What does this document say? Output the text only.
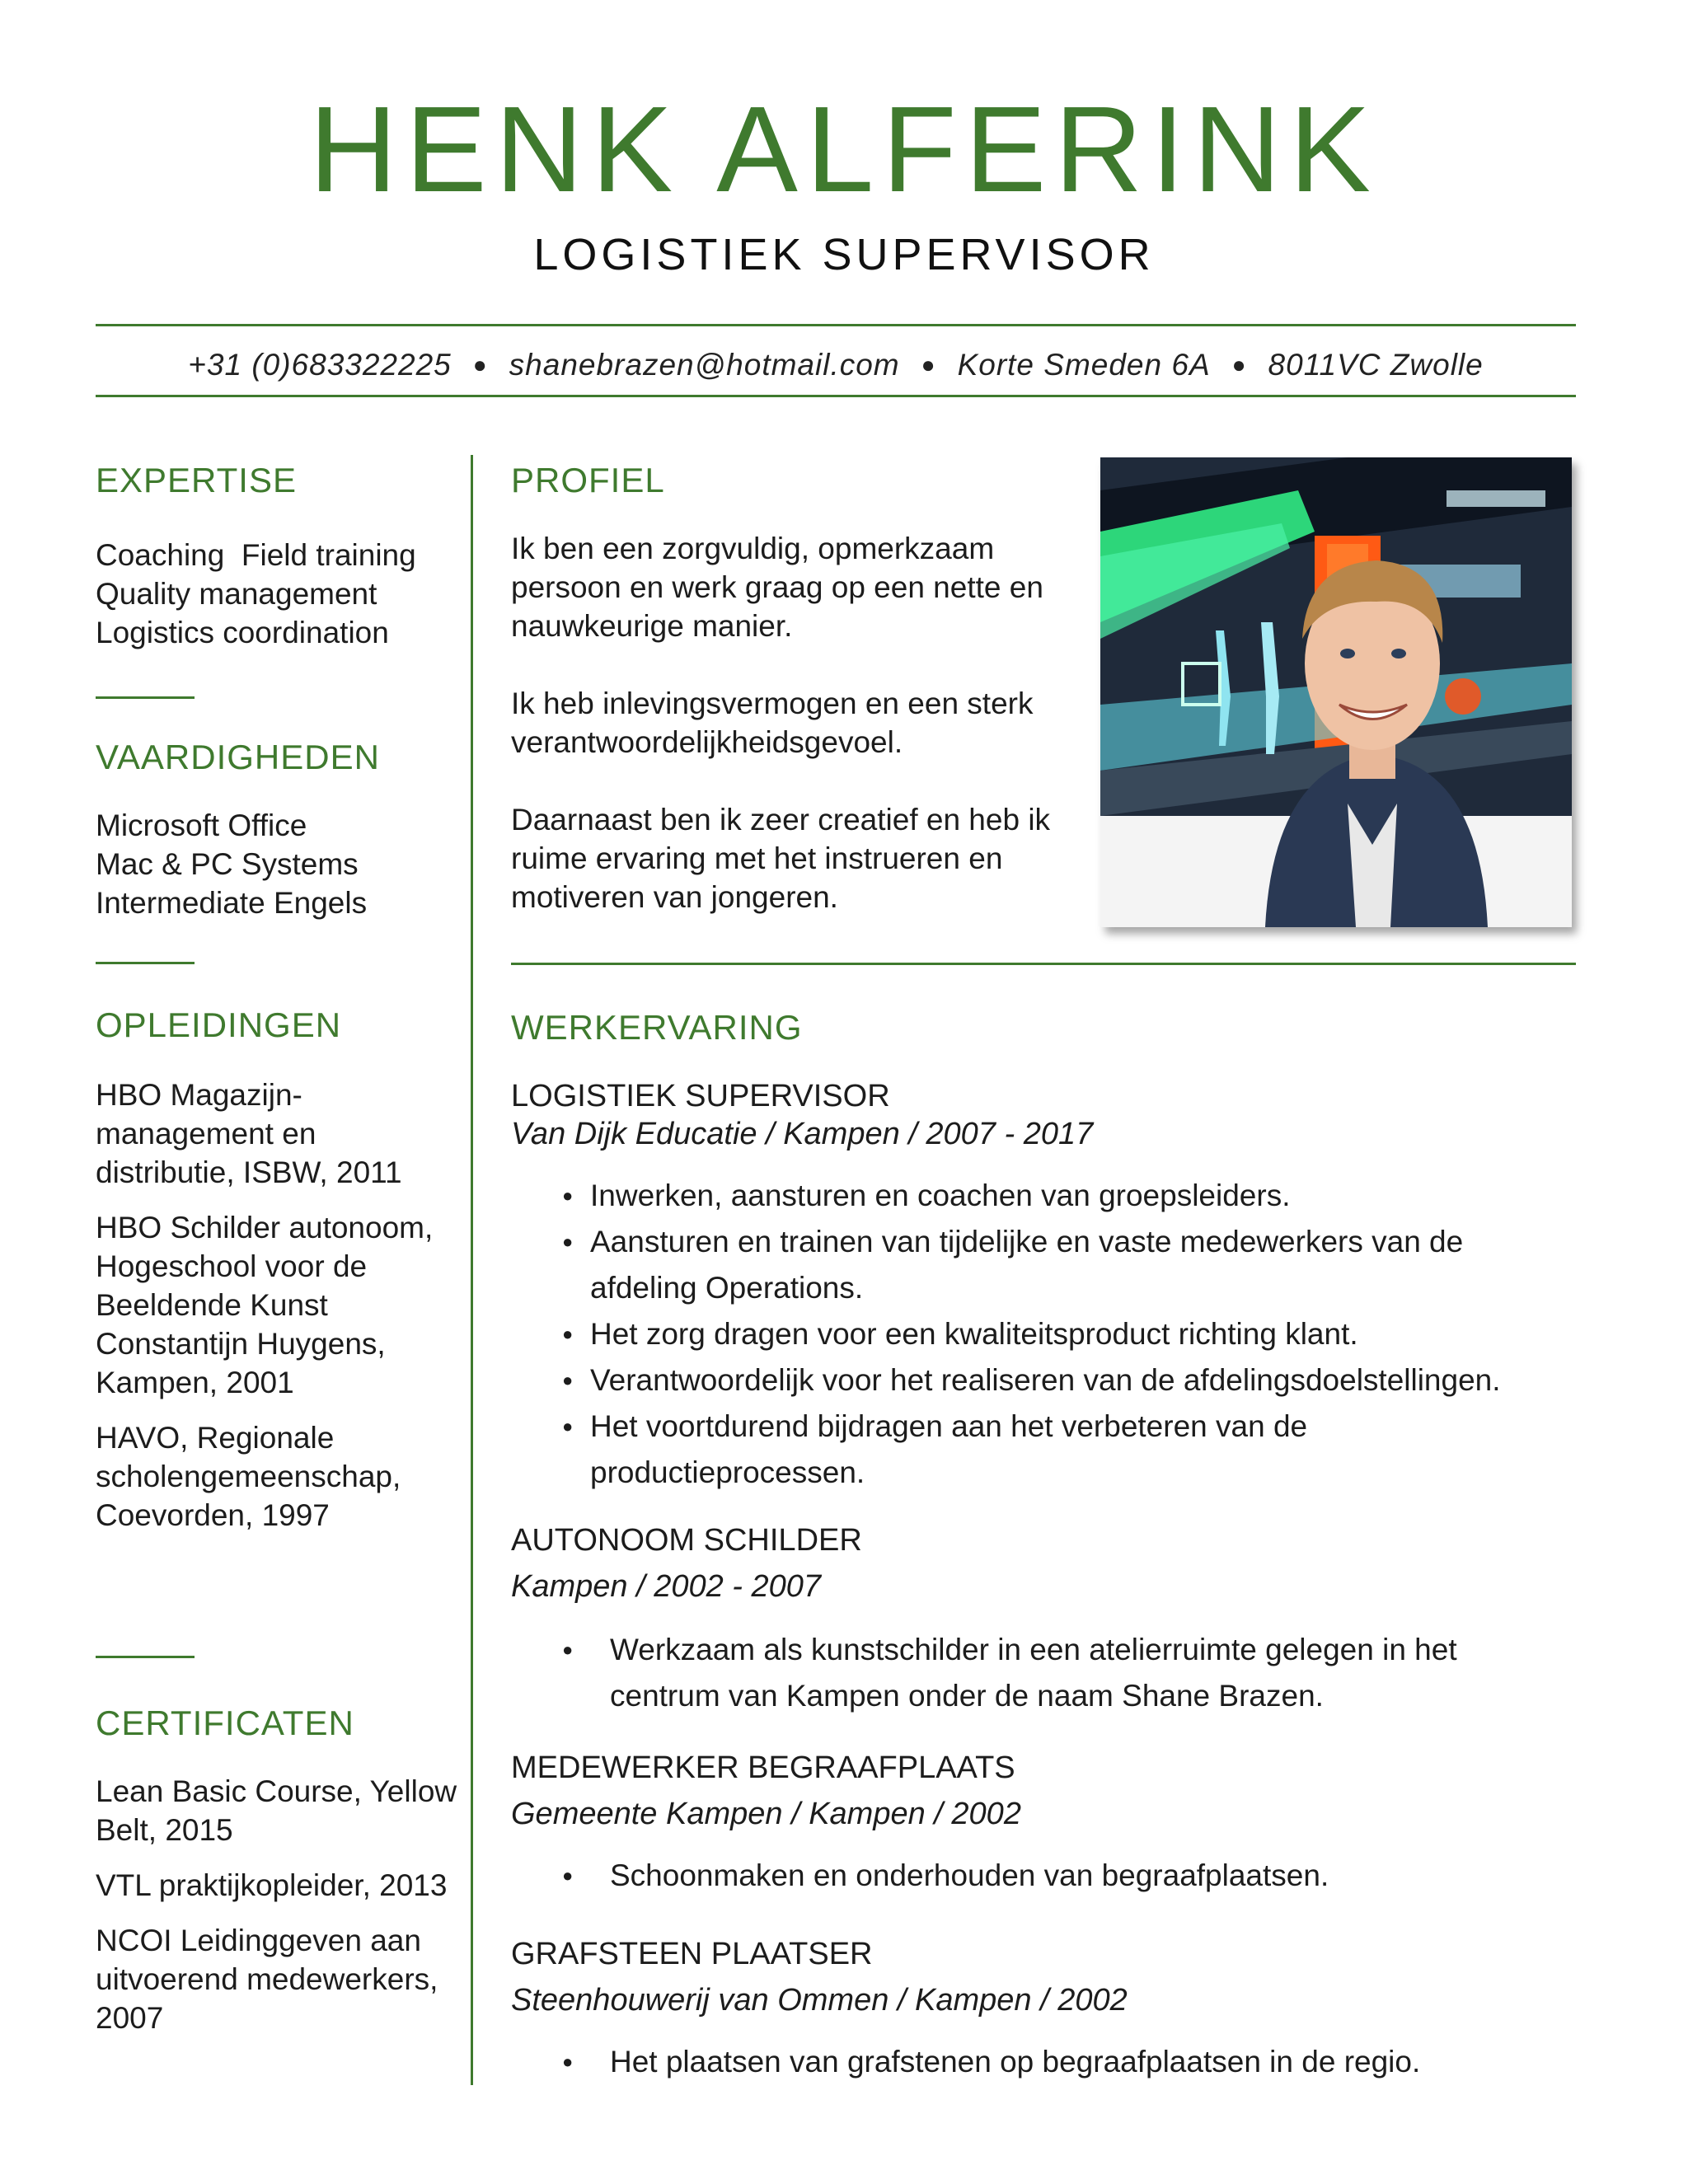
HENK ALFERINK
LOGISTIEK SUPERVISOR
+31 (0)683322225 ● shanebrazen@hotmail.com ● Korte Smeden 6A ● 8011VC Zwolle
EXPERTISE
Coaching  Field training
Quality management
Logistics coordination
VAARDIGHEDEN
Microsoft Office
Mac & PC Systems
Intermediate Engels
OPLEIDINGEN
HBO Magazijn-management en distributie, ISBW, 2011
HBO Schilder autonoom, Hogeschool voor de Beeldende Kunst Constantijn Huygens, Kampen, 2001
HAVO, Regionale scholengemeenschap, Coevorden, 1997
CERTIFICATEN
Lean Basic Course, Yellow Belt, 2015
VTL praktijkopleider, 2013
NCOI Leidinggeven aan uitvoerend medewerkers, 2007
PROFIEL

Ik ben een zorgvuldig, opmerkzaam persoon en werk graag op een nette en nauwkeurige manier.

Ik heb inlevingsvermogen en een sterk verantwoordelijkheidsgevoel.

Daarnaast ben ik zeer creatief en heb ik ruime ervaring met het instrueren en motiveren van jongeren.

WERKERVARING
LOGISTIEK SUPERVISOR
Van Dijk Educatie / Kampen / 2007 - 2017
● Inwerken, aansturen en coachen van groepsleiders.
● Aansturen en trainen van tijdelijke en vaste medewerkers van de afdeling Operations.
● Het zorg dragen voor een kwaliteitsproduct richting klant.
● Verantwoordelijk voor het realiseren van de afdelingsdoelstellingen.
● Het voortdurend bijdragen aan het verbeteren van de productieprocessen.
AUTONOOM SCHILDER
Kampen / 2002 - 2007
● Werkzaam als kunstschilder in een atelierruimte gelegen in het centrum van Kampen onder de naam Shane Brazen.
MEDEWERKER BEGRAAFPLAATS
Gemeente Kampen / Kampen / 2002
● Schoonmaken en onderhouden van begraafplaatsen.
GRAFSTEEN PLAATSER
Steenhouwerij van Ommen / Kampen / 2002
● Het plaatsen van grafstenen op begraafplaatsen in de regio.
